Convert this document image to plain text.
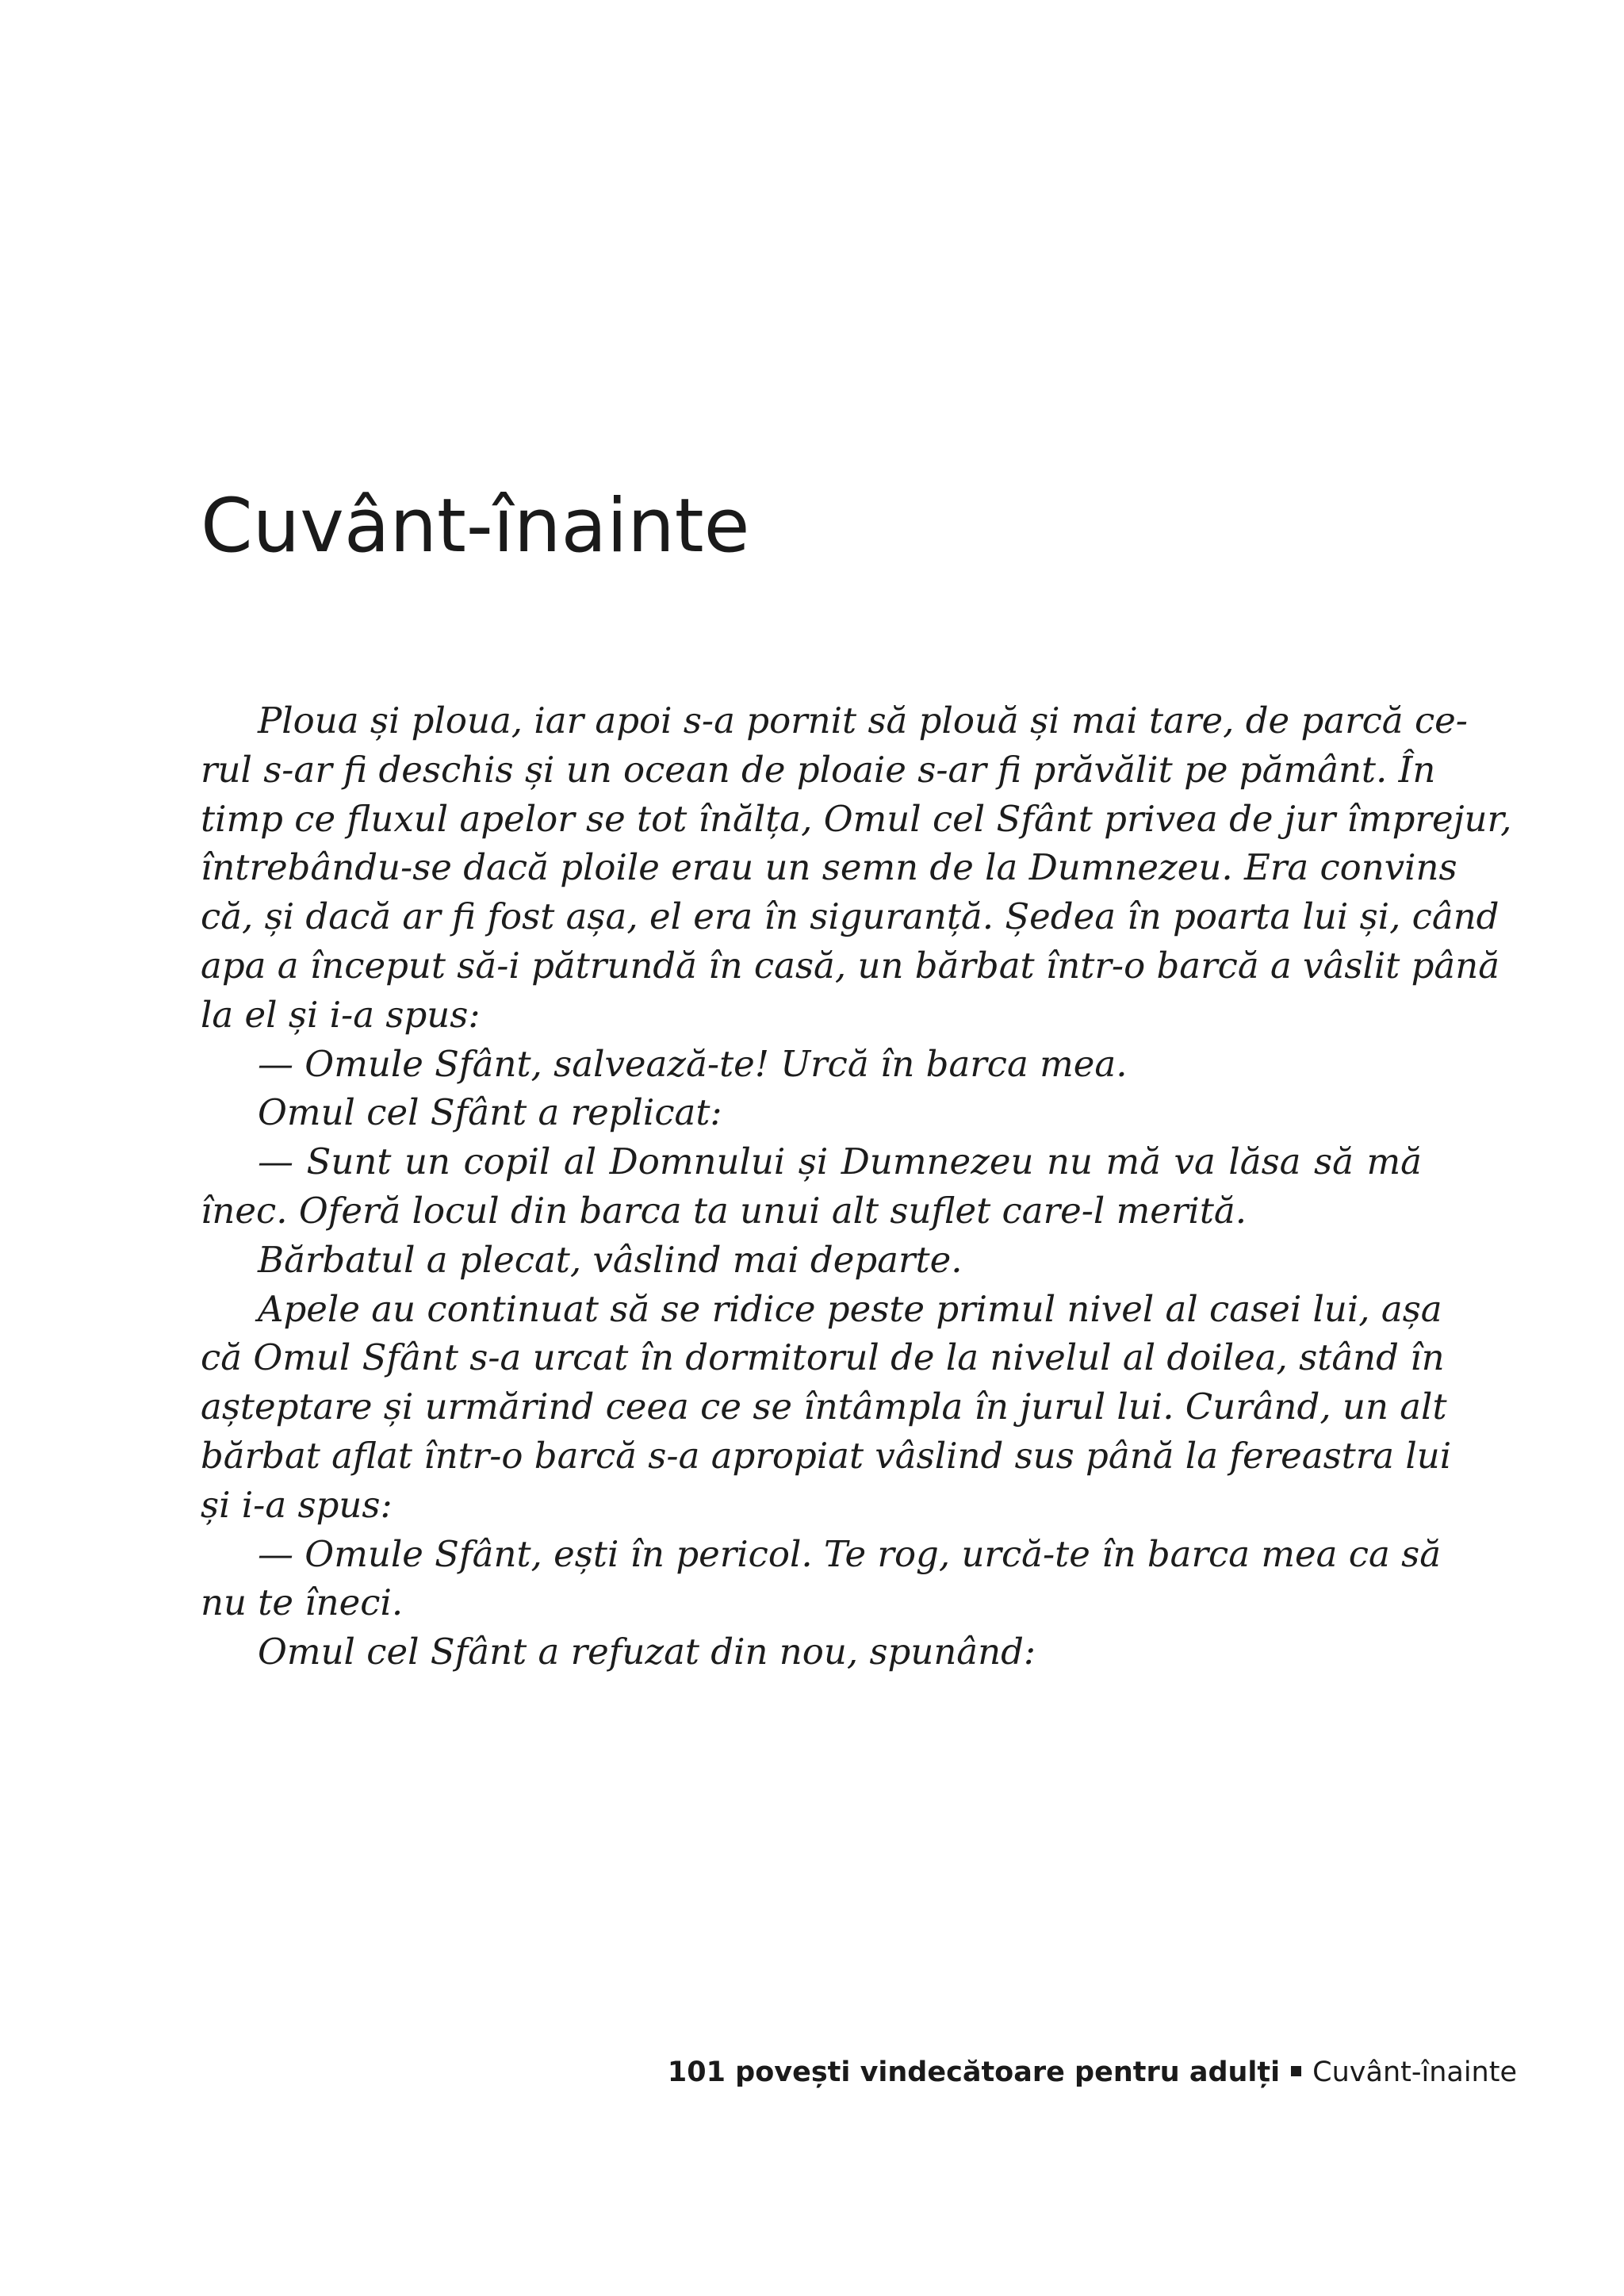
Cuvânt-înainte
Ploua și ploua, iar apoi s-a pornit să plouă și mai tare, de parcă ce-
rul s-ar fi deschis și un ocean de ploaie s-ar fi prăvălit pe pământ. În
timp ce fluxul apelor se tot înălța, Omul cel Sfânt privea de jur împrejur,
întrebându-se dacă ploile erau un semn de la Dumnezeu. Era convins
că, și dacă ar fi fost așa, el era în siguranță. Ședea în poarta lui și, când
apa a început să-i pătrundă în casă, un bărbat într-o barcă a vâslit până
la el și i-a spus:
— Omule Sfânt, salvează-te! Urcă în barca mea.
Omul cel Sfânt a replicat:
— Sunt un copil al Domnului și Dumnezeu nu mă va lăsa să mă
înec. Oferă locul din barca ta unui alt suflet care-l merită.
Bărbatul a plecat, vâslind mai departe.
Apele au continuat să se ridice peste primul nivel al casei lui, așa
că Omul Sfânt s-a urcat în dormitorul de la nivelul al doilea, stând în
așteptare și urmărind ceea ce se întâmpla în jurul lui. Curând, un alt
bărbat aflat într-o barcă s-a apropiat vâslind sus până la fereastra lui
și i-a spus:
— Omule Sfânt, ești în pericol. Te rog, urcă-te în barca mea ca să
nu te îneci.
Omul cel Sfânt a refuzat din nou, spunând:
101 povești vindecătoare pentru adulți Cuvânt-înainte
